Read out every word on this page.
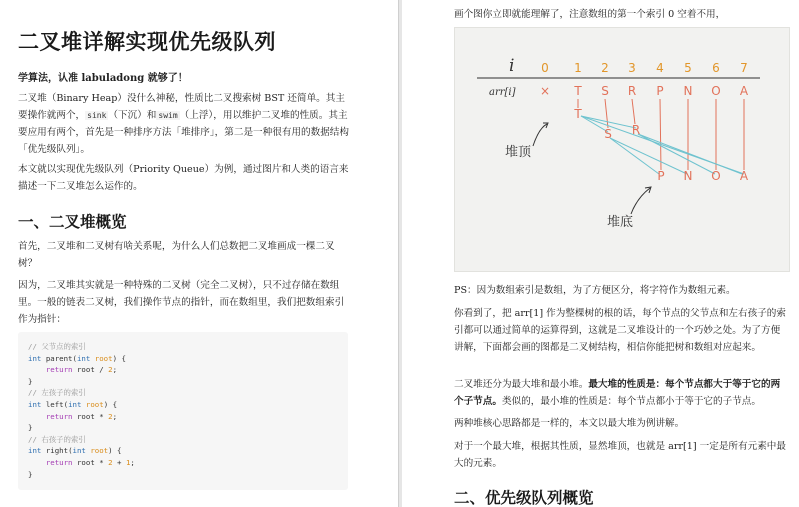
二叉堆详解实现优先级队列
学算法，认准 labuladong 就够了！

二叉堆（Binary Heap）没什么神秘，性质比二叉搜索树 BST 还简单。其主要操作就两个， sink （下沉）和 swim （上浮），用以维护二叉堆的性质。其主要应用有两个，首先是一种排序方法「堆排序」，第二是一种很有用的数据结构「优先级队列」。

本文就以实现优先级队列（Priority Queue）为例，通过图片和人类的语言来描述一下二叉堆怎么运作的。

一、二叉堆概览

首先，二叉堆和二叉树有啥关系呢，为什么人们总数把二叉堆画成一棵二叉树？

因为，二叉堆其实就是一种特殊的二叉树（完全二叉树），只不过存储在数组里。一般的链表二叉树，我们操作节点的指针，而在数组里，我们把数组索引作为指针：

// 父节点的索引
int parent(int root) {
return root / 2;
}
// 左孩子的索引
int left(int root) {
return root * 2;
}
// 右孩子的索引
int right(int root) {
return root * 2 + 1;
}
画个图你立即就能理解了，注意数组的第一个索引 0 空着不用，
i 0 1 2 3 4 5 6 7
arr[i] × T S R P N O A
T
S R
P N O A
堆顶
堆底

PS：因为数组索引是数组，为了方便区分，将字符作为数组元素。

你看到了，把 arr[1] 作为整棵树的根的话，每个节点的父节点和左右孩子的索引都可以通过简单的运算得到，这就是二叉堆设计的一个巧妙之处。为了方便讲解，下面都会画的图都是二叉树结构，相信你能把树和数组对应起来。

二叉堆还分为最大堆和最小堆。最大堆的性质是：每个节点都大于等于它的两个子节点。类似的，最小堆的性质是：每个节点都小于等于它的子节点。

两种堆核心思路都是一样的，本文以最大堆为例讲解。

对于一个最大堆，根据其性质，显然堆顶，也就是 arr[1] 一定是所有元素中最大的元素。

二、优先级队列概览
